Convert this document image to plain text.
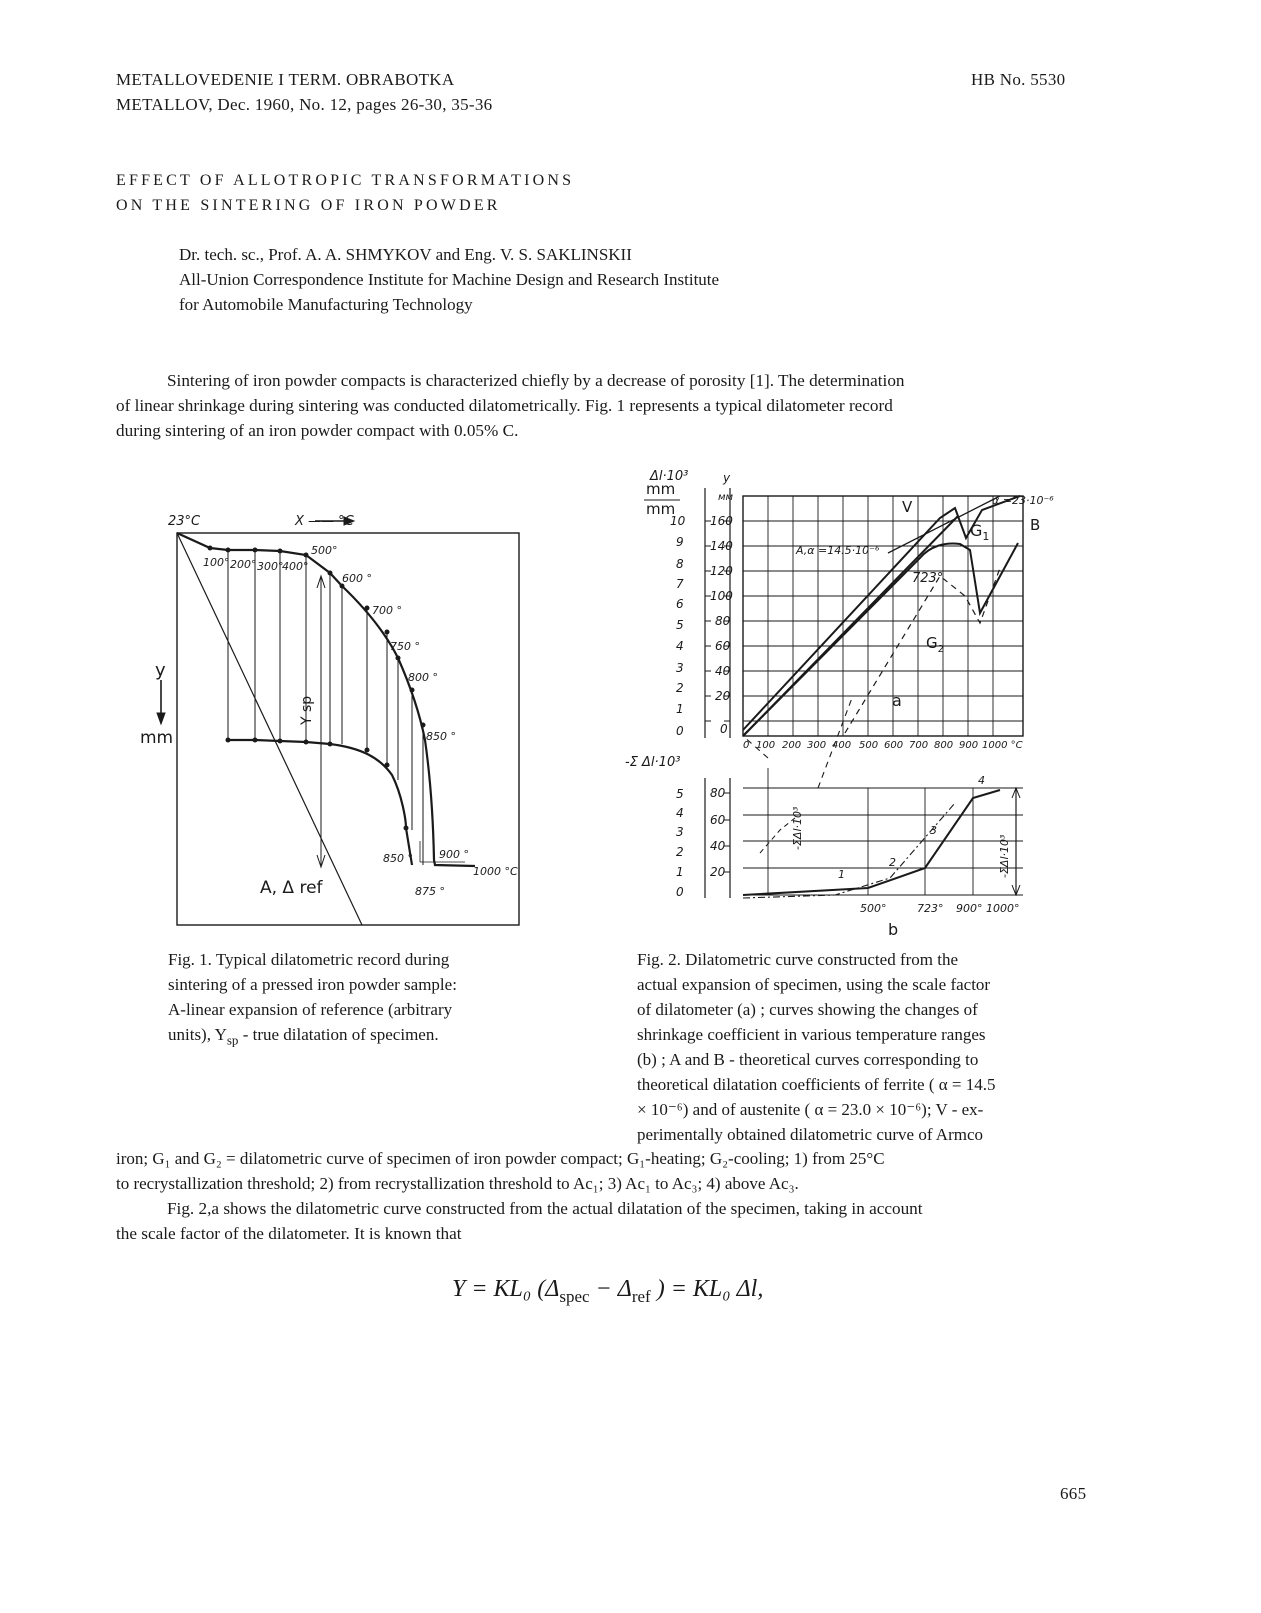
METALLOVEDENIE I TERM. OBRABOTKA
METALLOV, Dec. 1960, No. 12, pages 26-30, 35-36
HB No. 5530
EFFECT OF ALLOTROPIC TRANSFORMATIONS
ON THE SINTERING OF IRON POWDER
Dr. tech. sc., Prof. A. A. SHMYKOV and Eng. V. S. SAKLINSKII
All-Union Correspondence Institute for Machine Design and Research Institute
for Automobile Manufacturing Technology
Sintering of iron powder compacts is characterized chiefly by a decrease of porosity [1]. The determination
of linear shrinkage during sintering was conducted dilatometrically. Fig. 1 represents a typical dilatometer record
during sintering of an iron powder compact with 0.05% C.
23°C	X —— °C
y
mm
Y sp
A, Δ ref
100° 200° 300°
400°
500°
600 °
700 °
750 °
800 °
850 °
850 ° 900 °
875 °
1000 °C
Fig. 1. Typical dilatometric record during
sintering of a pressed iron powder sample:
A-linear expansion of reference (arbitrary
units), $Y_{sp}$ - true dilatation of specimen.
Δl·10³
mm
mm
y
мм
10
9
8
7
6
5
4
3
2
1
0
160
140
120
100
80
60
40
20
0
0 100 200 300 400 500 600 700 800 900 1000 °C
A,α =14.5·10⁻⁶
α =23·10⁻⁶
V
B
$G_1$
$G_2$
723°
a
-Σ Δl·10³
5
4
3
2
1
0
80
60
40
20
-ΣΔl·10³
-ΣΔl·10³
1
2
3
4
500°	723° 900° 1000°
b
Fig. 2. Dilatometric curve constructed from the
actual expansion of specimen, using the scale factor
of dilatometer (a) ; curves showing the changes of
shrinkage coefficient in various temperature ranges
(b) ; A and B - theoretical curves corresponding to
theoretical dilatation coefficients of ferrite ( α = 14.5
× 10⁻⁶) and of austenite ( α = 23.0 × 10⁻⁶); V - ex-
perimentally obtained dilatometric curve of Armco
iron; G₁ and G₂ = dilatometric curve of specimen of iron powder compact; G₁-heating; G₂-cooling; 1) from 25°C
to recrystallization threshold; 2) from recrystallization threshold to Ac₁; 3) Ac₁ to Ac₃; 4) above Ac₃.
Fig. 2,a shows the dilatometric curve constructed from the actual dilatation of the specimen, taking in account
the scale factor of the dilatometer. It is known that
Y = KL₀ ($\Delta_{spec} - \Delta_{ref}$ ) = KL₀ Δl,
665
